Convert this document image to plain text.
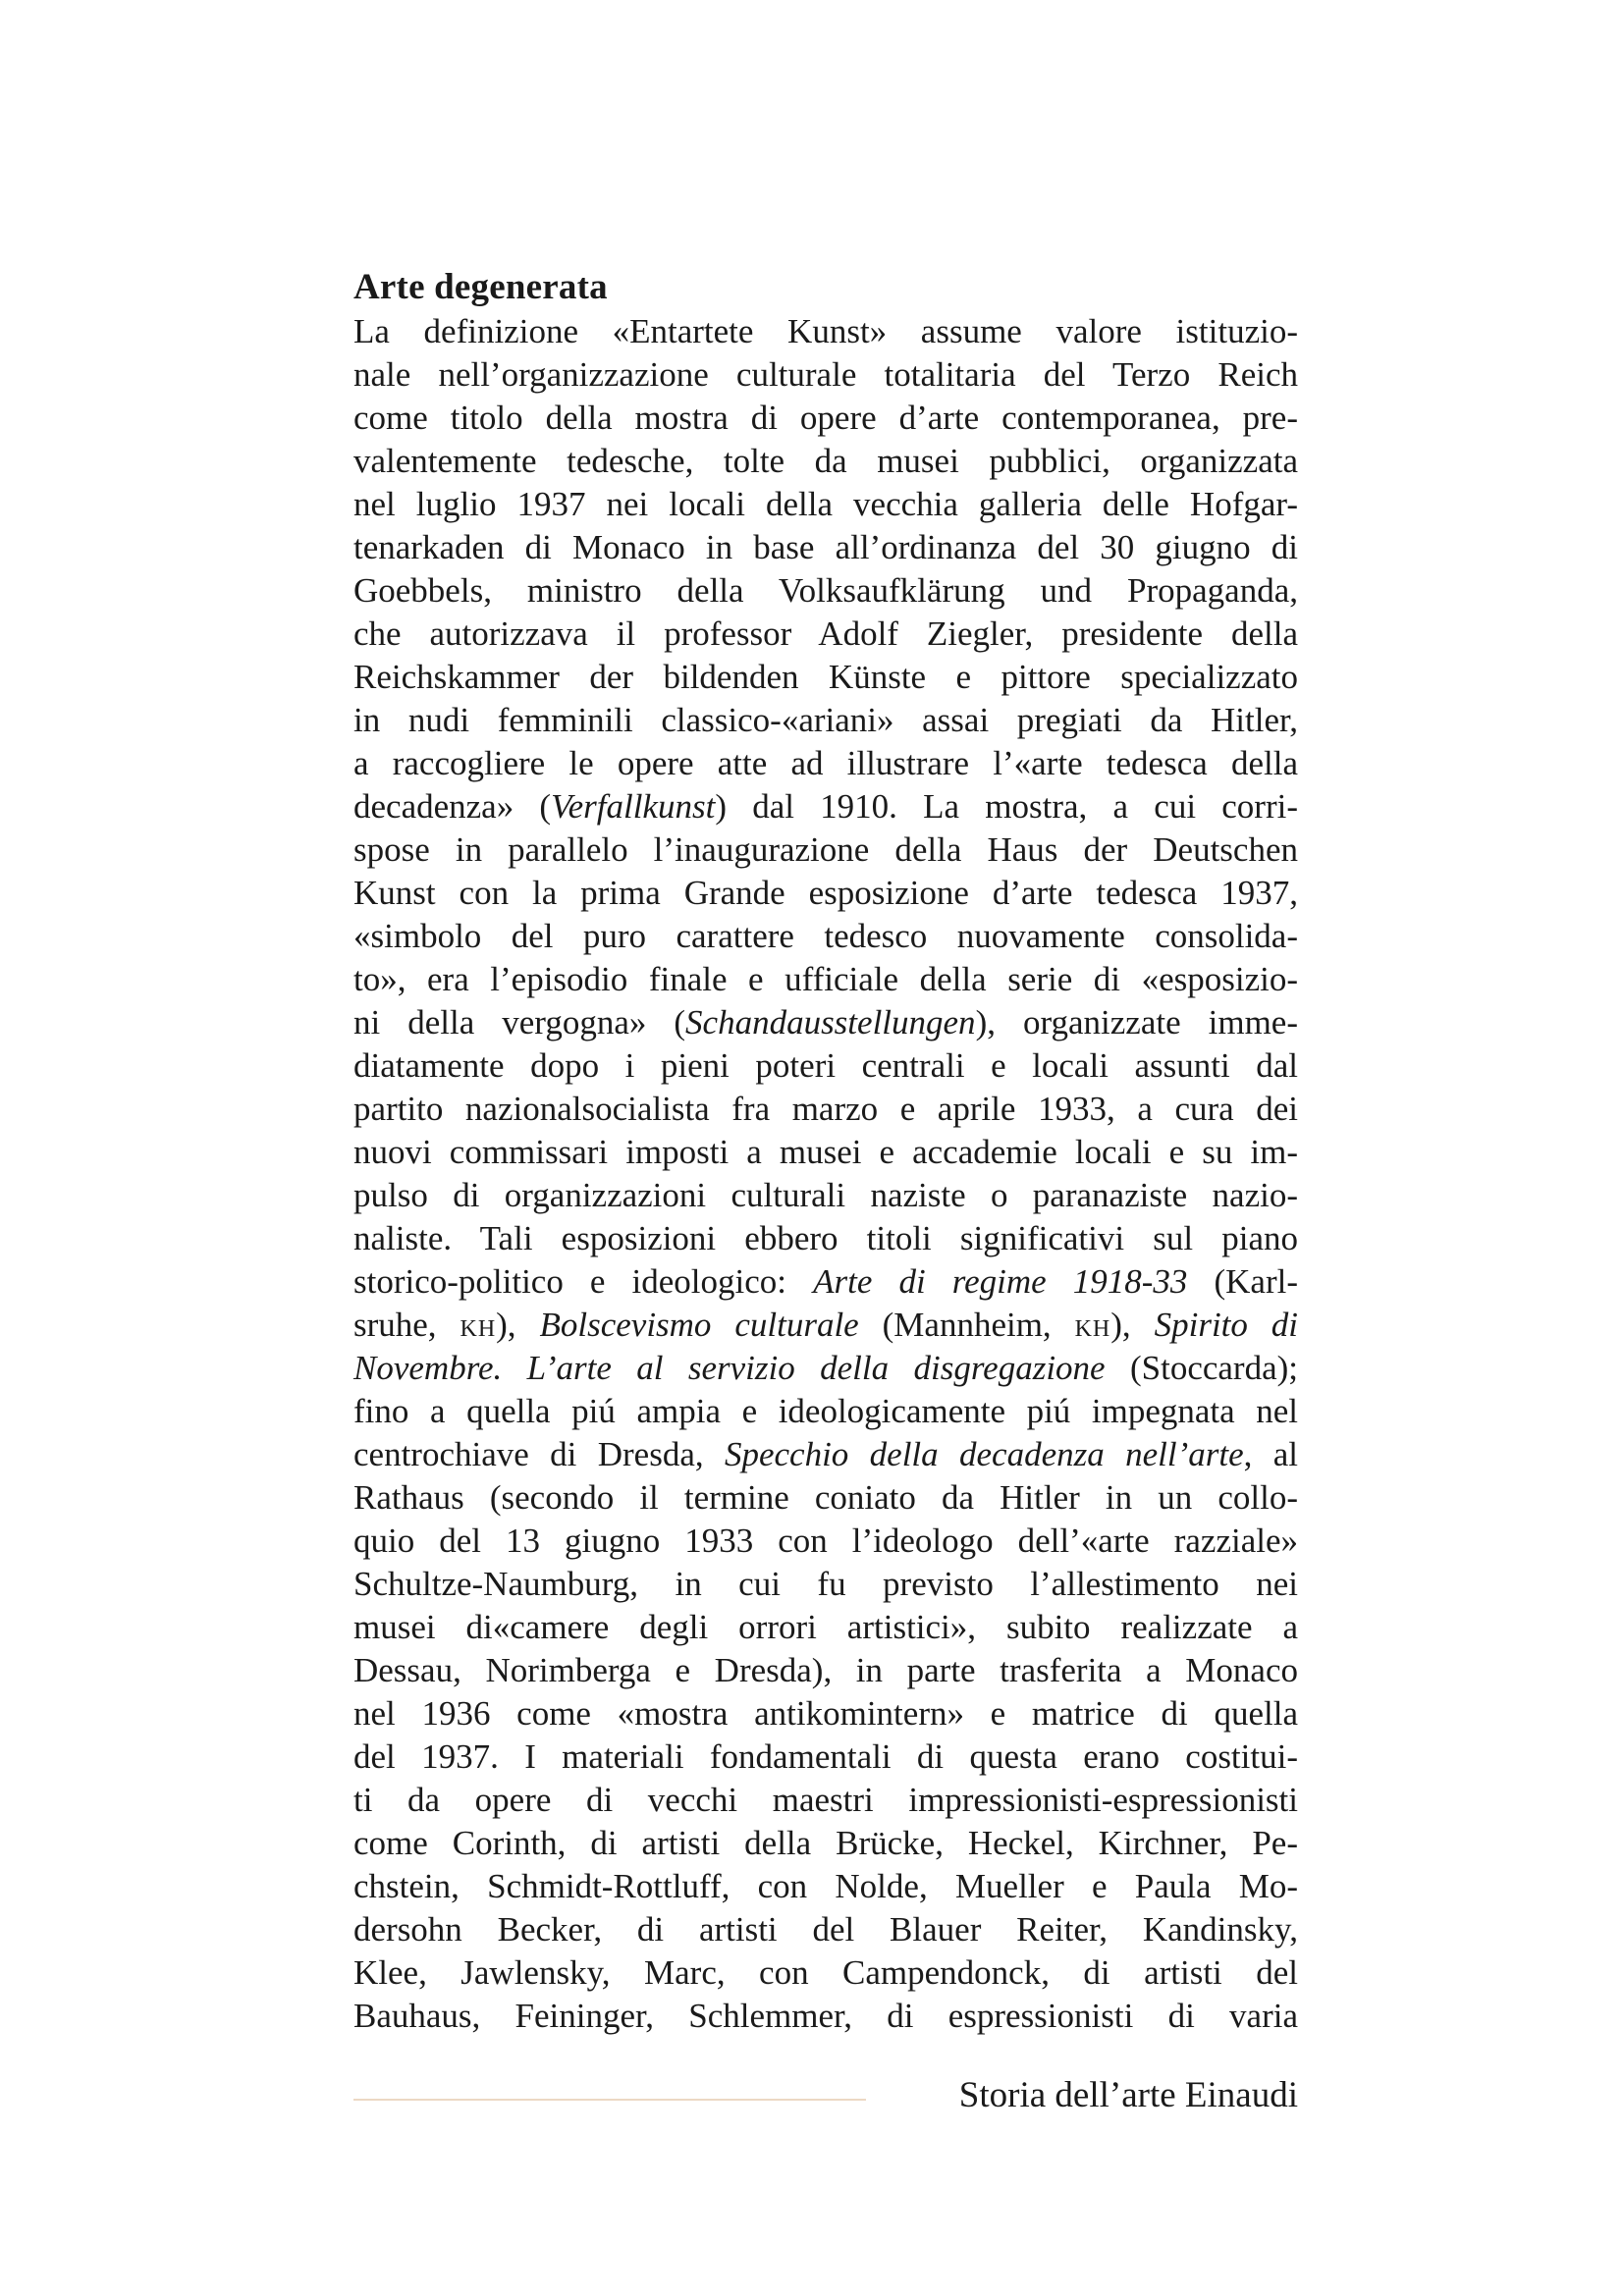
Arte degenerata
La definizione «Entartete Kunst» assume valore istituzio-
nale nell’organizzazione culturale totalitaria del Terzo Reich
come titolo della mostra di opere d’arte contemporanea, pre-
valentemente tedesche, tolte da musei pubblici, organizzata
nel luglio 1937 nei locali della vecchia galleria delle Hofgar-
tenarkaden di Monaco in base all’ordinanza del 30 giugno di
Goebbels, ministro della Volksaufklärung und Propaganda,
che autorizzava il professor Adolf Ziegler, presidente della
Reichskammer der bildenden Künste e pittore specializzato
in nudi femminili classico-«ariani» assai pregiati da Hitler,
a raccogliere le opere atte ad illustrare l’«arte tedesca della
decadenza» (Verfallkunst) dal 1910. La mostra, a cui corri-
spose in parallelo l’inaugurazione della Haus der Deutschen
Kunst con la prima Grande esposizione d’arte tedesca 1937,
«simbolo del puro carattere tedesco nuovamente consolida-
to», era l’episodio finale e ufficiale della serie di «esposizio-
ni della vergogna» (Schandausstellungen), organizzate imme-
diatamente dopo i pieni poteri centrali e locali assunti dal
partito nazionalsocialista fra marzo e aprile 1933, a cura dei
nuovi commissari imposti a musei e accademie locali e su im-
pulso di organizzazioni culturali naziste o paranaziste nazio-
naliste. Tali esposizioni ebbero titoli significativi sul piano
storico-politico e ideologico: Arte di regime 1918-33 (Karl-
sruhe, KH), Bolscevismo culturale (Mannheim, KH), Spirito di
Novembre. L’arte al servizio della disgregazione (Stoccarda);
fino a quella piú ampia e ideologicamente piú impegnata nel
centrochiave di Dresda, Specchio della decadenza nell’arte, al
Rathaus (secondo il termine coniato da Hitler in un collo-
quio del 13 giugno 1933 con l’ideologo dell’«arte razziale»
Schultze-Naumburg, in cui fu previsto l’allestimento nei
musei di«camere degli orrori artistici», subito realizzate a
Dessau, Norimberga e Dresda), in parte trasferita a Monaco
nel 1936 come «mostra antikomintern» e matrice di quella
del 1937. I materiali fondamentali di questa erano costitui-
ti da opere di vecchi maestri impressionisti-espressionisti
come Corinth, di artisti della Brücke, Heckel, Kirchner, Pe-
chstein, Schmidt-Rottluff, con Nolde, Mueller e Paula Mo-
dersohn Becker, di artisti del Blauer Reiter, Kandinsky,
Klee, Jawlensky, Marc, con Campendonck, di artisti del
Bauhaus, Feininger, Schlemmer, di espressionisti di varia
Storia dell’arte Einaudi
